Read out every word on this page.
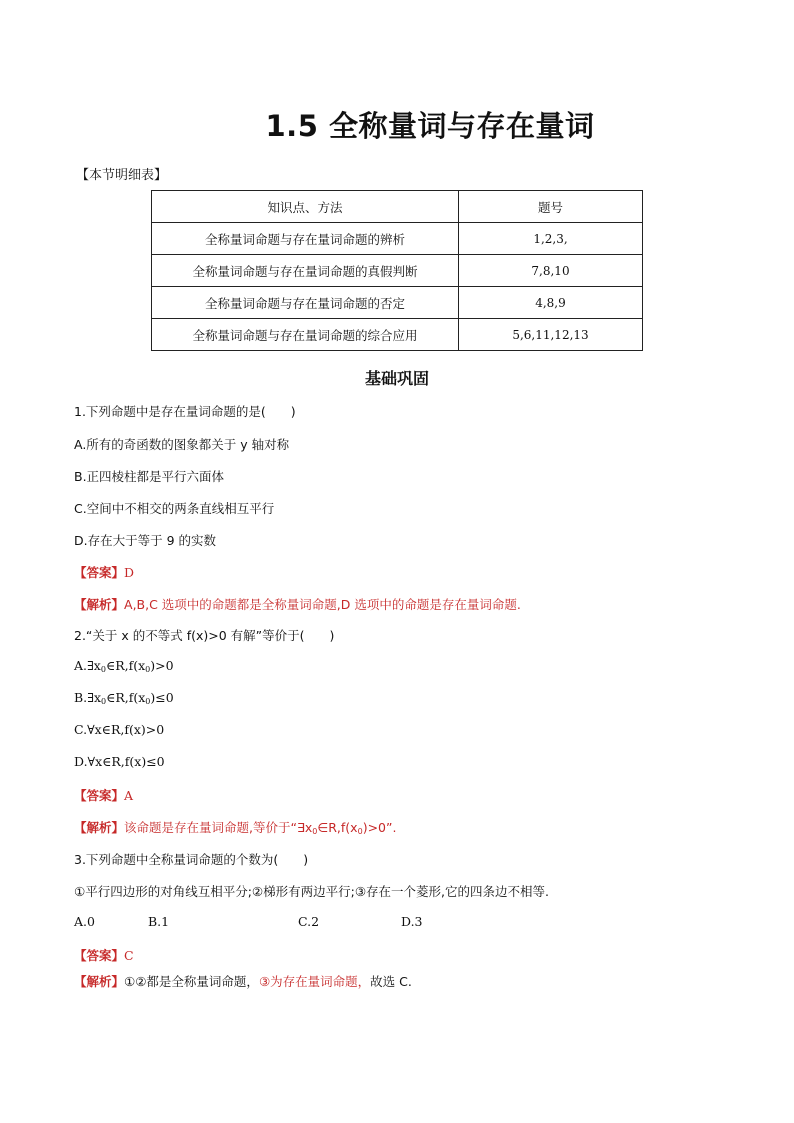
1.5 全称量词与存在量词
【本节明细表】
知识点、方法	题号
全称量词命题与存在量词命题的辨析	1,2,3,
全称量词命题与存在量词命题的真假判断	7,8,10
全称量词命题与存在量词命题的否定	4,8,9
全称量词命题与存在量词命题的综合应用	5,6,11,12,13
基础巩固
1.下列命题中是存在量词命题的是(　　)
A.所有的奇函数的图象都关于 y 轴对称
B.正四棱柱都是平行六面体
C.空间中不相交的两条直线相互平行
D.存在大于等于 9 的实数
【答案】D
【解析】A,B,C 选项中的命题都是全称量词命题,D 选项中的命题是存在量词命题.
2.“关于 x 的不等式 f(x)>0 有解”等价于(　　)
$A.\exists x_0\in R,f(x_0)>0$
$B.\exists x_0\in R,f(x_0)\le 0$
C.∀x∈R,f(x)>0
D.∀x∈R,f(x)≤0
【答案】A
【解析】该命题是存在量词命题,等价于“$\exists x_0\in R,f(x_0)>0$”.
3.下列命题中全称量词命题的个数为(　　)
①平行四边形的对角线互相平分;②梯形有两边平行;③存在一个菱形,它的四条边不相等.
A.0	B.1	C.2	D.3
【答案】C
【解析】①②都是全称量词命题，③为存在量词命题，故选 C.
